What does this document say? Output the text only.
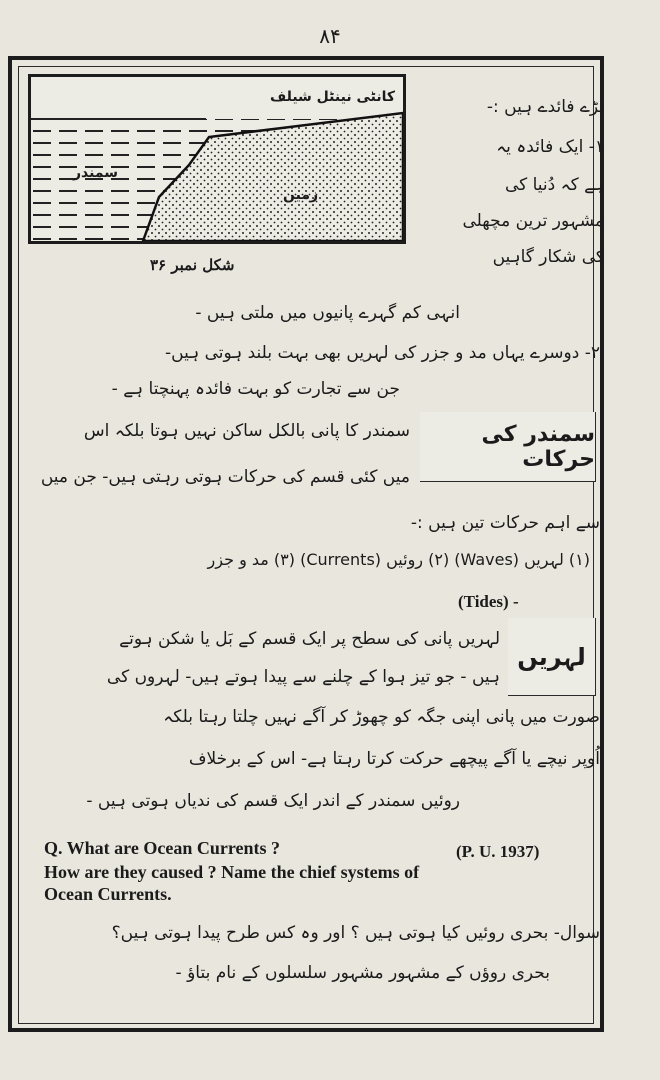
۸۴
کانٹی نینٹل شیلف
سمندر
زمین
شکل نمبر ۳۶
بڑے فائدے ہیں :-
۱- ایک فائدہ یہ
ہے کہ دُنیا کی
مشہور ترین مچھلی
کی شکار گاہیں
انہی کم گہرے پانیوں میں ملتی ہیں -
۲- دوسرے یہاں مد و جزر کی لہریں بھی بہت بلند ہوتی ہیں-
جن سے تجارت کو بہت فائدہ پہنچتا ہے -
سمندر کی حرکات
سمندر کا پانی بالکل ساکن نہیں ہوتا بلکہ اس
میں کئی قسم کی حرکات ہوتی رہتی ہیں- جن میں
سے اہم حرکات تین ہیں :-
(۱) لہریں (Waves) (۲) روئیں (Currents) (۳) مد و جزر
(Tides) -
لہریں
لہریں پانی کی سطح پر ایک قسم کے بَل یا شکن ہوتے
ہیں - جو تیز ہوا کے چلنے سے پیدا ہوتے ہیں- لہروں کی
صورت میں پانی اپنی جگہ کو چھوڑ کر آگے نہیں چلتا رہتا بلکہ
اُوپر نیچے یا آگے پیچھے حرکت کرتا رہتا ہے- اس کے برخلاف
روئیں سمندر کے اندر ایک قسم کی ندیاں ہوتی ہیں -
Q. What are Ocean Currents ?	(P. U. 1937)
How are they caused ? Name the chief systems of
Ocean Currents.
سوال- بحری روئیں کیا ہوتی ہیں ؟ اور وہ کس طرح پیدا ہوتی ہیں؟
بحری روؤں کے مشہور مشہور سلسلوں کے نام بتاؤ -
